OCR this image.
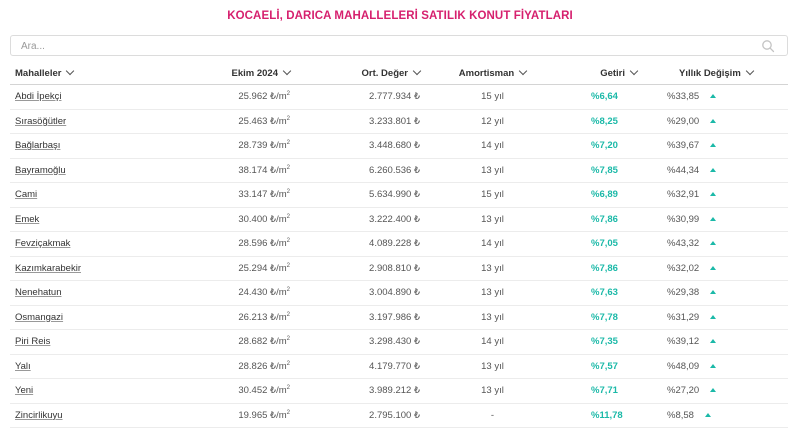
KOCAELİ, DARICA MAHALLELERİ SATILIK KONUT FİYATLARI
Ara...
Mahalleler	Ekim 2024	Ort. Değer	Amortisman	Getiri	Yıllık Değişim
Abdi İpekçi	25.962 $₺/m^2$	2.777.934 ₺	15 yıl	%6,64	%33,85
Sırasöğütler	25.463 $₺/m^2$	3.233.801 ₺	12 yıl	%8,25	%29,00
Bağlarbaşı	28.739 $₺/m^2$	3.448.680 ₺	14 yıl	%7,20	%39,67
Bayramoğlu	38.174 $₺/m^2$	6.260.536 ₺	13 yıl	%7,85	%44,34
Cami	33.147 $₺/m^2$	5.634.990 ₺	15 yıl	%6,89	%32,91
Emek	30.400 $₺/m^2$	3.222.400 ₺	13 yıl	%7,86	%30,99
Fevziçakmak	28.596 $₺/m^2$	4.089.228 ₺	14 yıl	%7,05	%43,32
Kazımkarabekir	25.294 $₺/m^2$	2.908.810 ₺	13 yıl	%7,86	%32,02
Nenehatun	24.430 $₺/m^2$	3.004.890 ₺	13 yıl	%7,63	%29,38
Osmangazi	26.213 $₺/m^2$	3.197.986 ₺	13 yıl	%7,78	%31,29
Piri Reis	28.682 $₺/m^2$	3.298.430 ₺	14 yıl	%7,35	%39,12
Yalı	28.826 $₺/m^2$	4.179.770 ₺	13 yıl	%7,57	%48,09
Yeni	30.452 $₺/m^2$	3.989.212 ₺	13 yıl	%7,71	%27,20
Zincirlikuyu	19.965 $₺/m^2$	2.795.100 ₺	-	%11,78	%8,58
